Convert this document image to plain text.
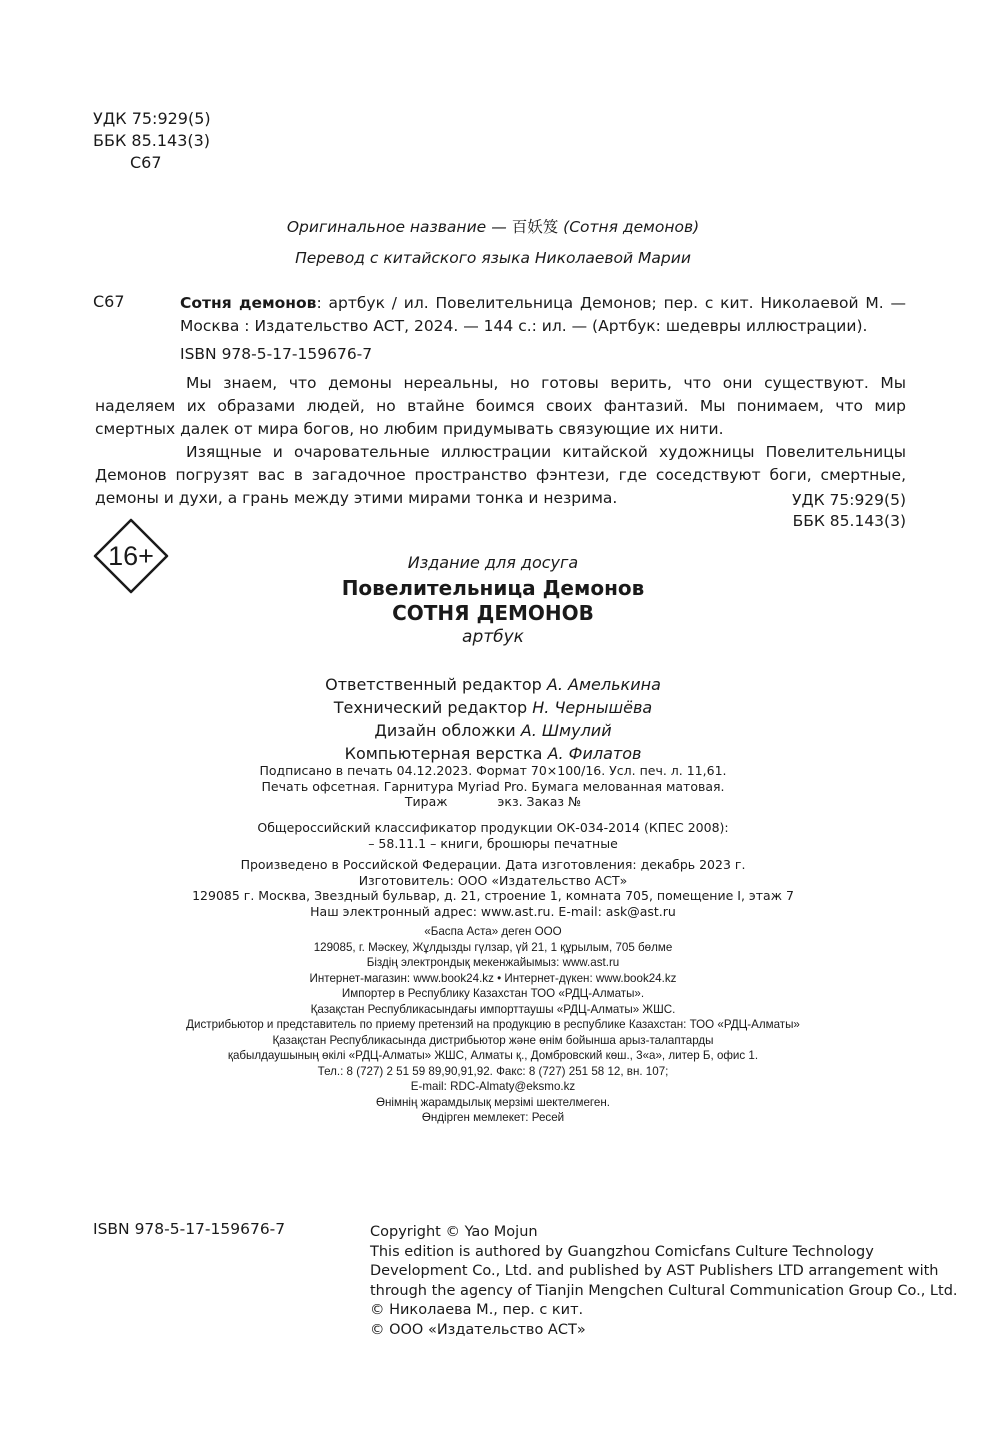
УДК 75:929(5)
ББК 85.143(3)
С67
Оригинальное название — 百妖笈 (Сотня демонов)
Перевод с китайского языка Николаевой Марии
С67	Сотня демонов: артбук / ил. Повелительница Демонов; пер. с кит. Николаевой М. — Москва : Издательство АСТ, 2024. — 144 с.: ил. — (Артбук: шедевры иллюстрации).

ISBN 978-5-17-159676-7

Мы знаем, что демоны нереальны, но готовы верить, что они существуют. Мы наделяем их образами людей, но втайне боимся своих фантазий. Мы понимаем, что мир смертных далек от мира богов, но любим придумывать связующие их нити.

Изящные и очаровательные иллюстрации китайской художницы Повелительницы Демонов погрузят вас в загадочное пространство фэнтези, где соседствуют боги, смертные, демоны и духи, а грань между этими мирами тонка и незрима.	УДК 75:929(5)
ББК 85.143(3)
16+	Издание для досуга
Повелительница Демонов
СОТНЯ ДЕМОНОВ
артбук
Ответственный редактор А. Амелькина
Технический редактор Н. Чернышёва
Дизайн обложки А. Шмулий
Компьютерная верстка А. Филатов
Подписано в печать 04.12.2023. Формат 70×100/16. Усл. печ. л. 11,61.
Печать офсетная. Гарнитура Myriad Pro. Бумага мелованная матовая.
Тираж	экз. Заказ №
Общероссийский классификатор продукции ОК-034-2014 (КПЕС 2008):
– 58.11.1 – книги, брошюры печатные
Произведено в Российской Федерации. Дата изготовления: декабрь 2023 г.
Изготовитель: ООО «Издательство АСТ»
129085 г. Москва, Звездный бульвар, д. 21, строение 1, комната 705, помещение I, этаж 7
Наш электронный адрес: www.ast.ru. E-mail: ask@ast.ru
«Баспа Аста» деген ООО
129085, г. Мәскеу, Жұлдызды гүлзар, үй 21, 1 құрылым, 705 бөлме
Біздің электрондық мекенжайымыз: www.ast.ru
Интернет-магазин: www.book24.kz • Интернет-дүкен: www.book24.kz
Импортер в Республику Казахстан ТОО «РДЦ-Алматы».
Қазақстан Республикасындағы импорттаушы «РДЦ-Алматы» ЖШС.
Дистрибьютор и представитель по приему претензий на продукцию в республике Казахстан: ТОО «РДЦ-Алматы»
Қазақстан Республикасында дистрибьютор және өнім бойынша арыз-талаптарды
қабылдаушының өкілі «РДЦ-Алматы» ЖШС, Алматы қ., Домбровский көш., 3«а», литер Б, офис 1.
Тел.: 8 (727) 2 51 59 89,90,91,92. Факс: 8 (727) 251 58 12, вн. 107;
E-mail: RDC-Almaty@eksmo.kz
Өнімнің жарамдылық мерзімі шектелмеген.
Өндірген мемлекет: Ресей
ISBN 978-5-17-159676-7	Copyright © Yao Mojun
This edition is authored by Guangzhou Comicfans Culture Technology
Development Co., Ltd. and published by AST Publishers LTD arrangement with
through the agency of Tianjin Mengchen Cultural Communication Group Co., Ltd.
© Николаева М., пер. с кит.
© ООО «Издательство АСТ»
